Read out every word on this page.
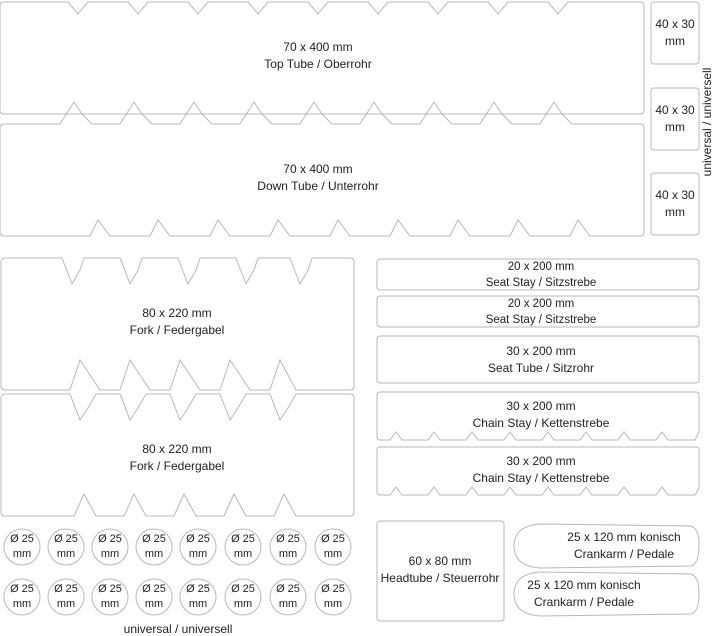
70 x 400 mm
Top Tube / Oberrohr
70 x 400 mm
Down Tube / Unterrohr
40 x 30
mm
40 x 30
mm
40 x 30
mm
universal / universell
80 x 220 mm
Fork / Federgabel
80 x 220 mm
Fork / Federgabel
20 x 200 mm
Seat Stay / Sitzstrebe
20 x 200 mm
Seat Stay / Sitzstrebe
30 x 200 mm
Seat Tube / Sitzrohr
30 x 200 mm
Chain Stay / Kettenstrebe
30 x 200 mm
Chain Stay / Kettenstrebe
60 x 80 mm
Headtube / Steuerrohr
25 x 120 mm konisch
Crankarm / Pedale
25 x 120 mm konisch
Crankarm / Pedale
Ø 25
mm
Ø 25
mm
Ø 25
mm
Ø 25
mm
Ø 25
mm
Ø 25
mm
Ø 25
mm
Ø 25
mm
Ø 25
mm
Ø 25
mm
Ø 25
mm
Ø 25
mm
Ø 25
mm
Ø 25
mm
Ø 25
mm
Ø 25
mm
universal / universell
